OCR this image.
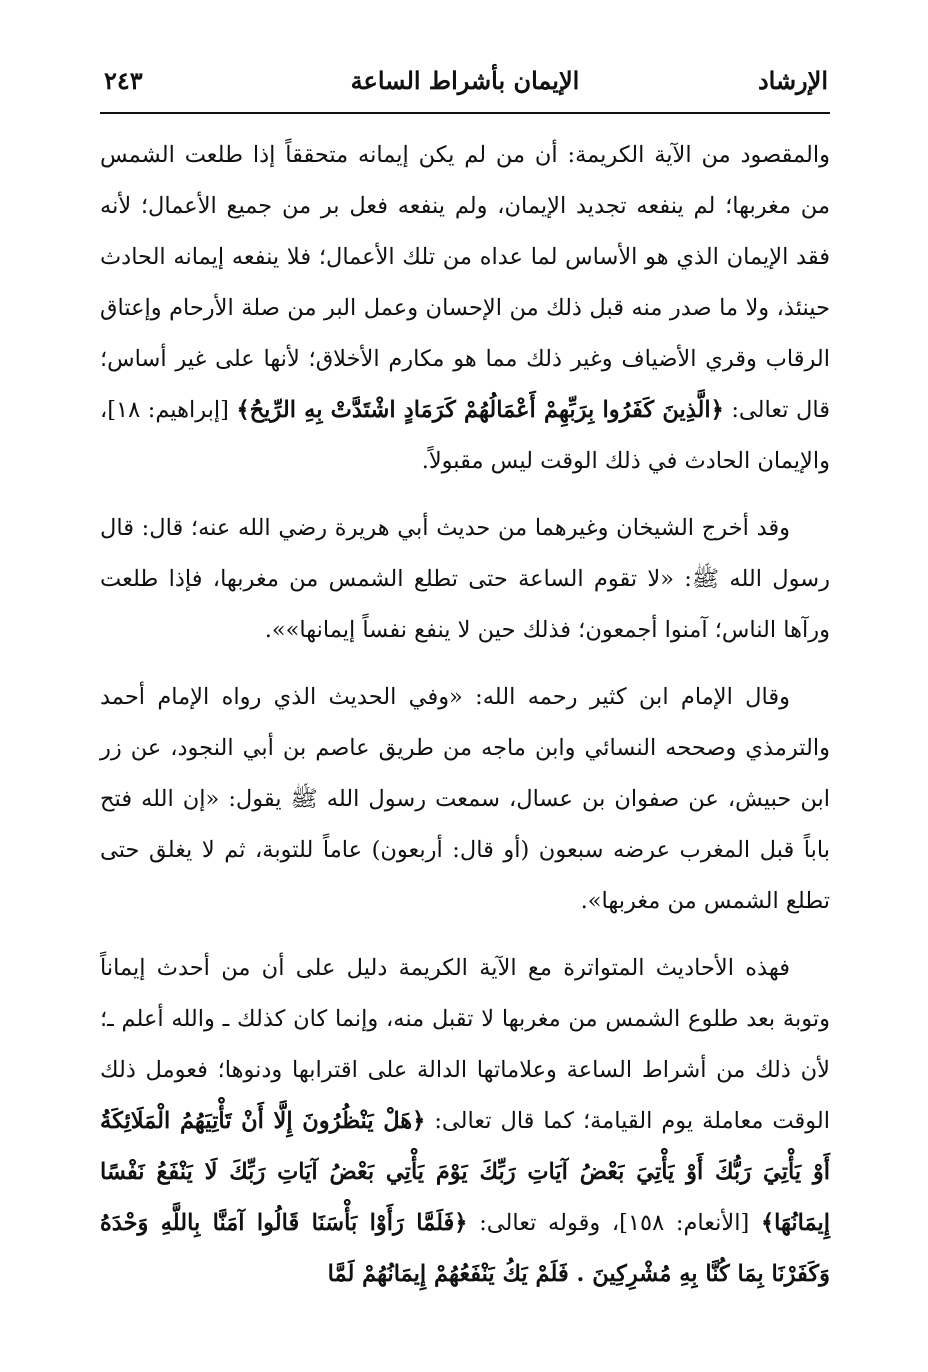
الإرشاد
الإيمان بأشراط الساعة
٢٤٣

والمقصود من الآية الكريمة: أن من لم يكن إيمانه متحققاً إذا طلعت الشمس من مغربها؛ لم ينفعه تجديد الإيمان، ولم ينفعه فعل بر من جميع الأعمال؛ لأنه فقد الإيمان الذي هو الأساس لما عداه من تلك الأعمال؛ فلا ينفعه إيمانه الحادث حينئذ، ولا ما صدر منه قبل ذلك من الإحسان وعمل البر من صلة الأرحام وإعتاق الرقاب وقري الأضياف وغير ذلك مما هو مكارم الأخلاق؛ لأنها على غير أساس؛ قال تعالى: ﴿الَّذِينَ كَفَرُوا بِرَبِّهِمْ أَعْمَالُهُمْ كَرَمَادٍ اشْتَدَّتْ بِهِ الرِّيحُ﴾ [إبراهيم: ١٨]، والإيمان الحادث في ذلك الوقت ليس مقبولاً.

وقد أخرج الشيخان وغيرهما من حديث أبي هريرة رضي الله عنه؛ قال: قال رسول الله ﷺ: «لا تقوم الساعة حتى تطلع الشمس من مغربها، فإذا طلعت ورآها الناس؛ آمنوا أجمعون؛ فذلك حين لا ينفع نفساً إيمانها»».

وقال الإمام ابن كثير رحمه الله: «وفي الحديث الذي رواه الإمام أحمد والترمذي وصححه النسائي وابن ماجه من طريق عاصم بن أبي النجود، عن زر ابن حبيش، عن صفوان بن عسال، سمعت رسول الله ﷺ يقول: «إن الله فتح باباً قبل المغرب عرضه سبعون (أو قال: أربعون) عاماً للتوبة، ثم لا يغلق حتى تطلع الشمس من مغربها».

فهذه الأحاديث المتواترة مع الآية الكريمة دليل على أن من أحدث إيماناً وتوبة بعد طلوع الشمس من مغربها لا تقبل منه، وإنما كان كذلك ـ والله أعلم ـ؛ لأن ذلك من أشراط الساعة وعلاماتها الدالة على اقترابها ودنوها؛ فعومل ذلك الوقت معاملة يوم القيامة؛ كما قال تعالى: ﴿هَلْ يَنْظُرُونَ إِلَّا أَنْ تَأْتِيَهُمُ الْمَلَائِكَةُ أَوْ يَأْتِيَ رَبُّكَ أَوْ يَأْتِيَ بَعْضُ آيَاتِ رَبِّكَ يَوْمَ يَأْتِي بَعْضُ آيَاتِ رَبِّكَ لَا يَنْفَعُ نَفْسًا إِيمَانُهَا﴾ [الأنعام: ١٥٨]، وقوله تعالى: ﴿فَلَمَّا رَأَوْا بَأْسَنَا قَالُوا آمَنَّا بِاللَّهِ وَحْدَهُ وَكَفَرْنَا بِمَا كُنَّا بِهِ مُشْرِكِينَ . فَلَمْ يَكُ يَنْفَعُهُمْ إِيمَانُهُمْ لَمَّا
